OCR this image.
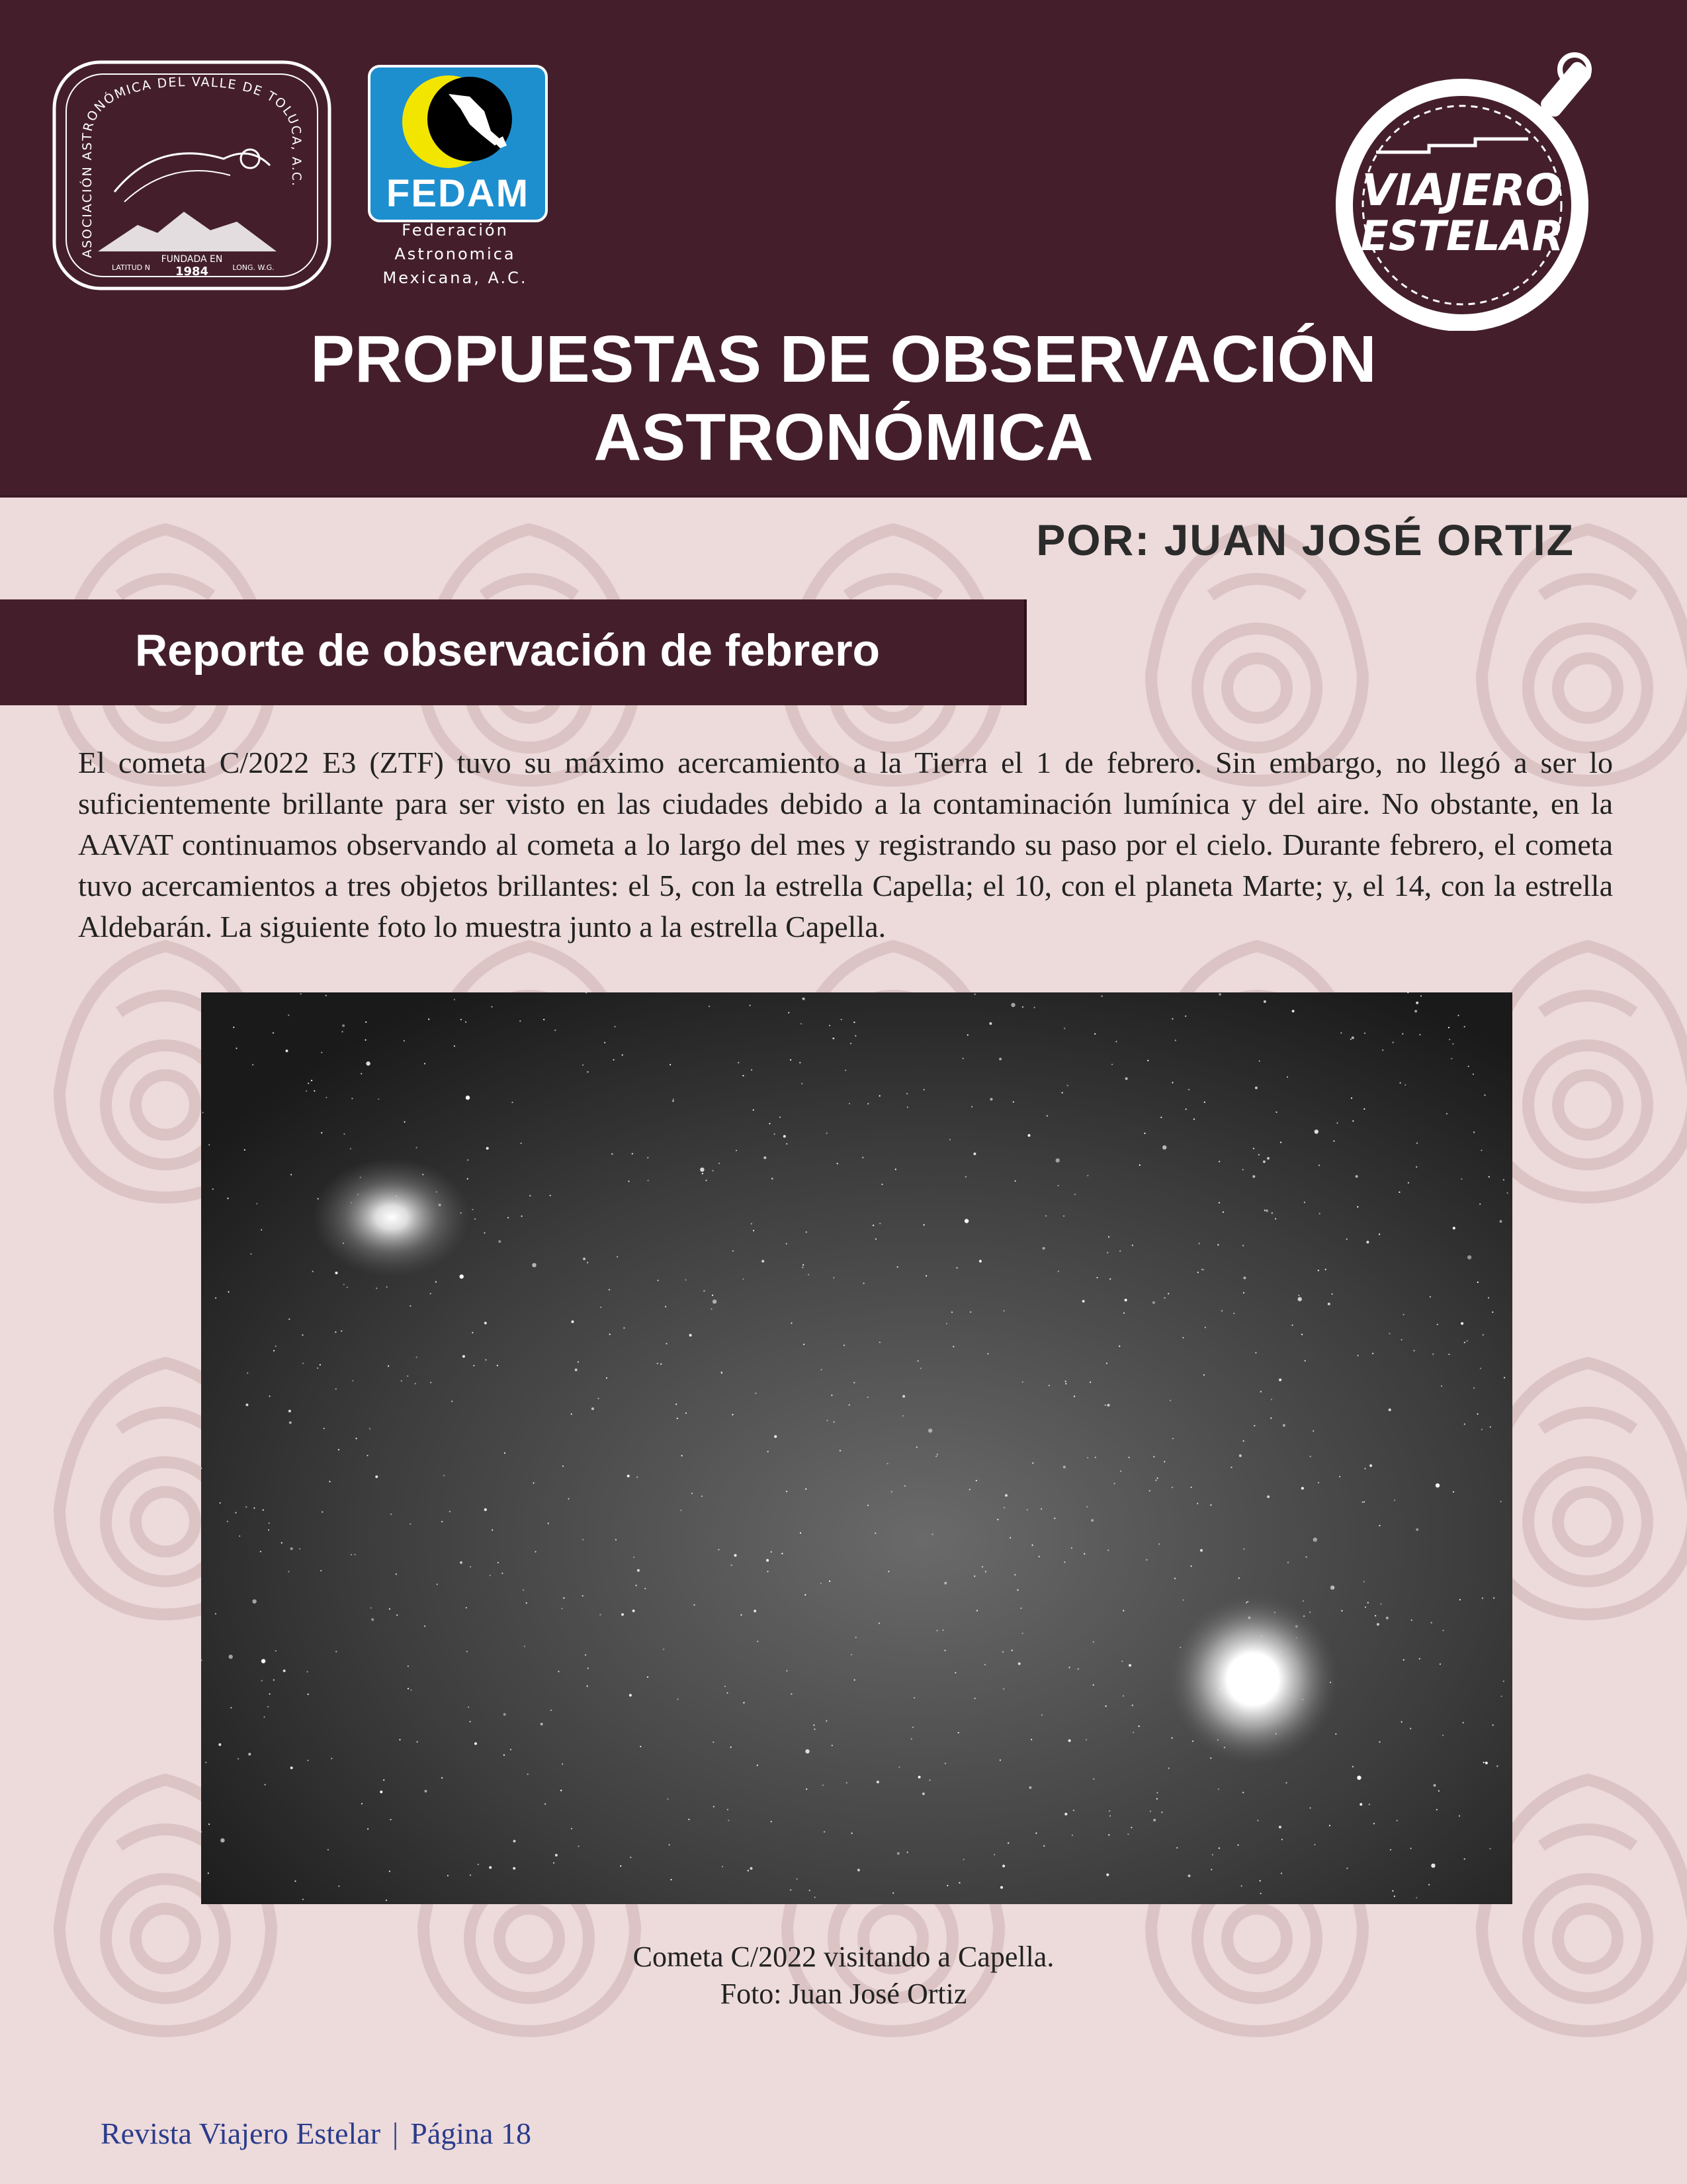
ASOCIACIÓN ASTRONÓMICA DEL VALLE DE TOLUCA, A.C.
FUNDADA EN
1984
LATITUD N	LONG. W.G.
FEDAM
Federación
Astronomica
Mexicana, A.C.
VIAJERO
ESTELAR
PROPUESTAS DE OBSERVACIÓN
ASTRONÓMICA
POR: JUAN JOSÉ ORTIZ
Reporte de observación de febrero

El cometa C/2022 E3 (ZTF) tuvo su máximo acercamiento a la Tierra el 1 de febrero. Sin embargo, no llegó a ser lo suficientemente brillante para ser visto en las ciudades debido a la contaminación lumínica y del aire. No obstante, en la AAVAT continuamos observando al cometa a lo largo del mes y registrando su paso por el cielo. Durante febrero, el cometa tuvo acercamientos a tres objetos brillantes: el 5, con la estrella Capella; el 10, con el planeta Marte; y, el 14, con la estrella Aldebarán. La siguiente foto lo muestra junto a la estrella Capella.

Cometa C/2022 visitando a Capella.
Foto: Juan José Ortiz
Revista Viajero Estelar | Página 18
